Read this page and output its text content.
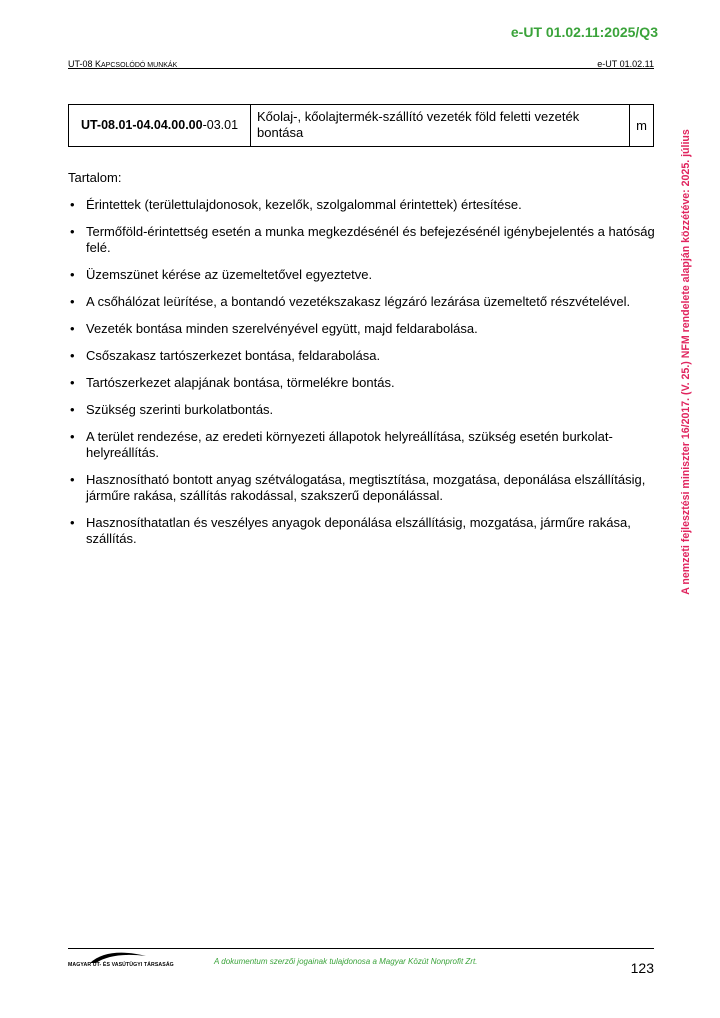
e-UT 01.02.11:2025/Q3
UT-08 KAPCSOLÓDÓ MUNKÁK	e-UT 01.02.11
UT-08.01-04.04.00.00-03.01	Kőolaj-, kőolajtermék-szállító vezeték föld feletti vezeték bontása	m
Tartalom:
• Érintettek (területtulajdonosok, kezelők, szolgalommal érintettek) értesítése.
• Termőföld-érintettség esetén a munka megkezdésénél és befejezésénél igénybejelentés a hatóság felé.
• Üzemszünet kérése az üzemeltetővel egyeztetve.
• A csőhálózat leürítése, a bontandó vezetékszakasz légzáró lezárása üzemeltető részvételével.
• Vezeték bontása minden szerelvényével együtt, majd feldarabolása.
• Csőszakasz tartószerkezet bontása, feldarabolása.
• Tartószerkezet alapjának bontása, törmelékre bontás.
• Szükség szerinti burkolatbontás.
• A terület rendezése, az eredeti környezeti állapotok helyreállítása, szükség esetén burkolat-helyreállítás.
• Hasznosítható bontott anyag szétválogatása, megtisztítása, mozgatása, deponálása elszállításig, járműre rakása, szállítás rakodással, szakszerű deponálással.
• Hasznosíthatatlan és veszélyes anyagok deponálása elszállításig, mozgatása, járműre rakása, szállítás.	A nemzeti fejlesztési miniszter 16/2017. (V. 25.) NFM rendelete alapján közzétéve: 2025. július
MAGYAR ÚT- ÉS VASÚTÜGYI TÁRSASÁG	A dokumentum szerzői jogainak tulajdonosa a Magyar Közút Nonprofit Zrt.	123
